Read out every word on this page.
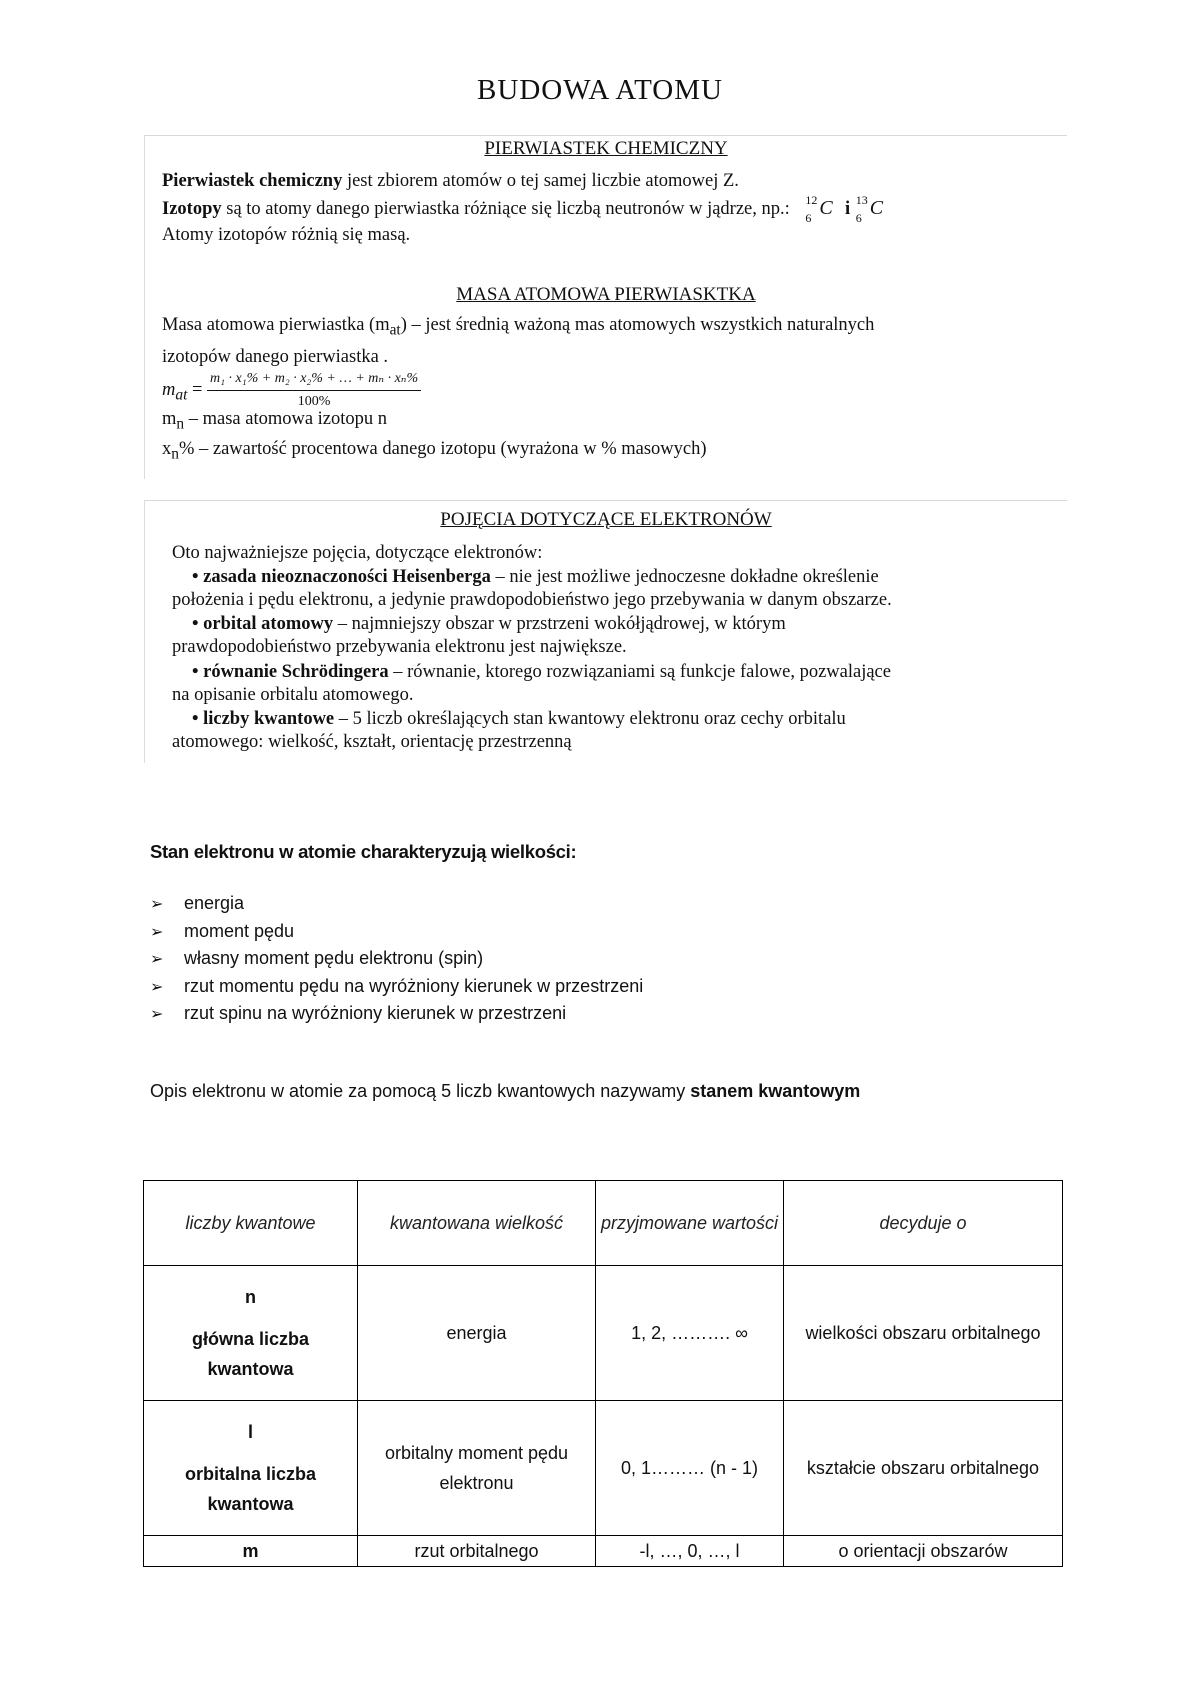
BUDOWA ATOMU
PIERWIASTEK CHEMICZNY
Pierwiastek chemiczny jest zbiorem atomów o tej samej liczbie atomowej Z.
Izotopy są to atomy danego pierwiastka różniące się liczbą neutronów w jądrze, np.: 12
6 C i 13
6 C
Atomy izotopów różnią się masą.
MASA ATOMOWA PIERWIASKTKA
Masa atomowa pierwiastka $(m_{at})$ – jest średnią ważoną mas atomowych wszystkich naturalnych
izotopów danego pierwiastka .
$m_{at} = \frac{\text{m₁ · x₁\% + m₂ · x₂\% + … + mₙ · xₙ\%}}{100\%}$
$m_n$ – masa atomowa izotopu n
$x_n\%$ – zawartość procentowa danego izotopu (wyrażona w % masowych)
POJĘCIA DOTYCZĄCE ELEKTRONÓW
Oto najważniejsze pojęcia, dotyczące elektronów:
• zasada nieoznaczoności Heisenberga – nie jest możliwe jednoczesne dokładne określenie
położenia i pędu elektronu, a jedynie prawdopodobieństwo jego przebywania w danym obszarze.
• orbital atomowy – najmniejszy obszar w przstrzeni wokółjądrowej, w którym
prawdopodobieństwo przebywania elektronu jest największe.
• równanie Schrödingera – równanie, ktorego rozwiązaniami są funkcje falowe, pozwalające
na opisanie orbitalu atomowego.
• liczby kwantowe – 5 liczb określających stan kwantowy elektronu oraz cechy orbitalu
atomowego: wielkość, kształt, orientację przestrzenną
Stan elektronu w atomie charakteryzują wielkości:
➢ energia
➢ moment pędu
➢ własny moment pędu elektronu (spin)
➢ rzut momentu pędu na wyróżniony kierunek w przestrzeni
➢ rzut spinu na wyróżniony kierunek w przestrzeni
Opis elektronu w atomie za pomocą 5 liczb kwantowych nazywamy stanem kwantowym
liczby kwantowe	kwantowana wielkość	przyjmowane wartości	decyduje o

n
główna liczba kwantowa	energia	1, 2, ………. ∞	wielkości obszaru orbitalnego

l
orbitalna liczba kwantowa	orbitalny moment pędu elektronu	0, 1……… (n - 1)	kształcie obszaru orbitalnego
m	rzut orbitalnego	-l, …, 0, …, l	o orientacji obszarów
